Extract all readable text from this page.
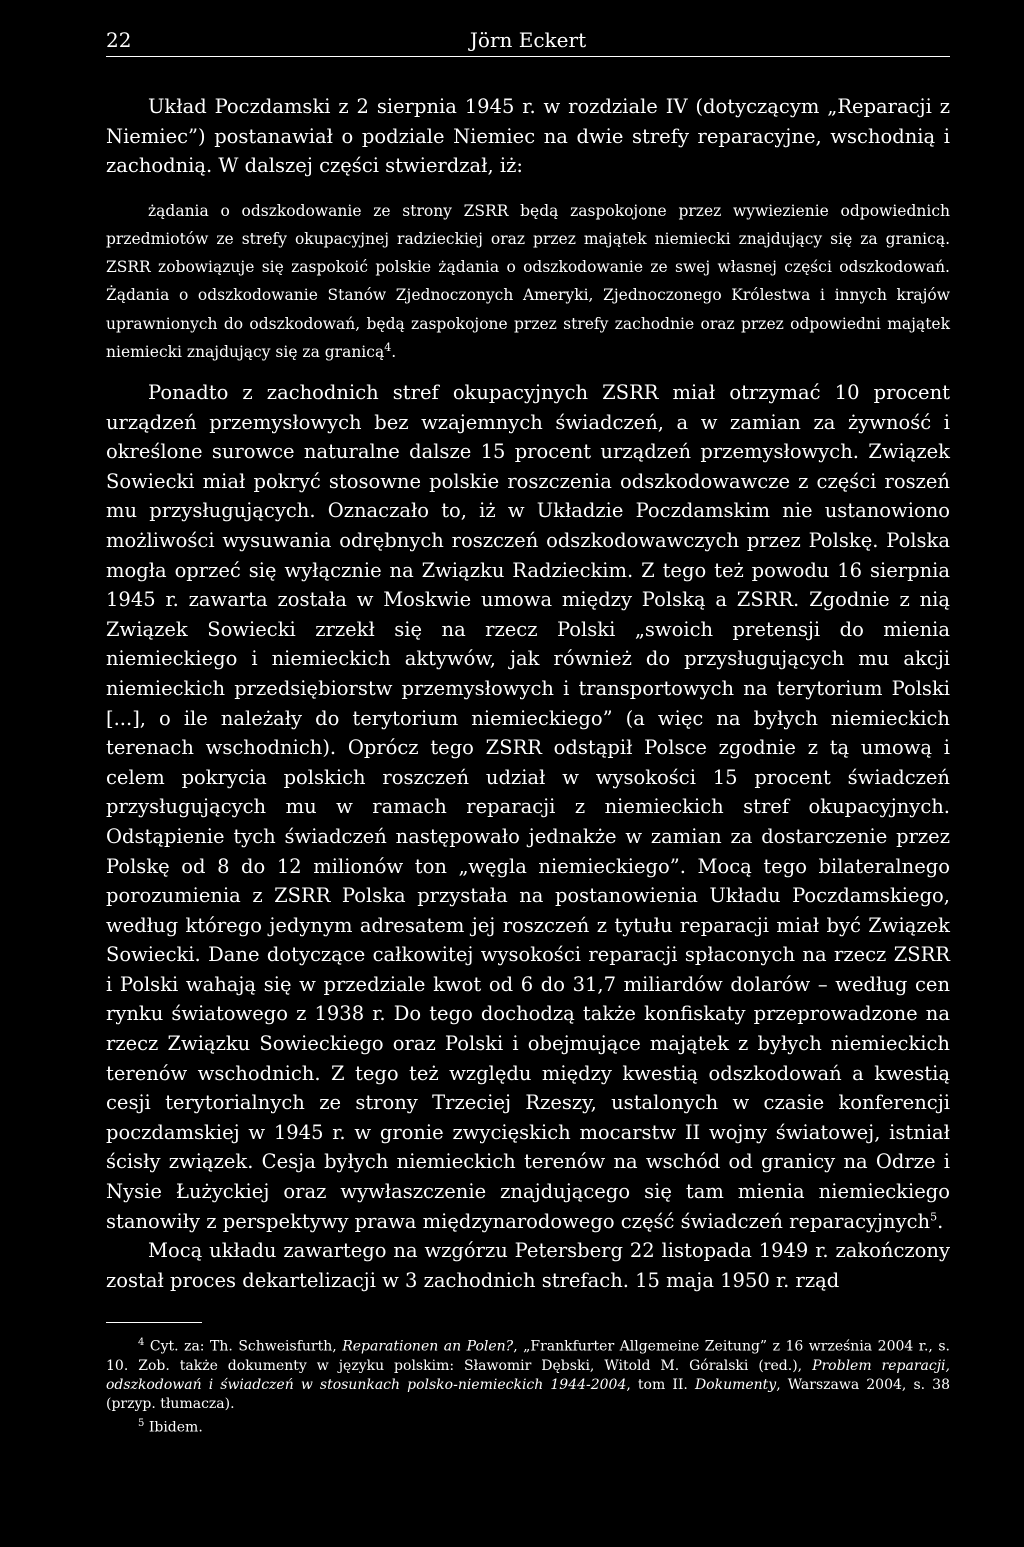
22	Jörn Eckert

Układ Poczdamski z 2 sierpnia 1945 r. w rozdziale IV (dotyczącym „Reparacji z Niemiec”) postanawiał o podziale Niemiec na dwie strefy reparacyjne, wschodnią i zachodnią. W dalszej części stwierdzał, iż:

żądania o odszkodowanie ze strony ZSRR będą zaspokojone przez wywiezienie odpowiednich przedmiotów ze strefy okupacyjnej radzieckiej oraz przez majątek niemiecki znajdujący się za granicą. ZSRR zobowiązuje się zaspokoić polskie żądania o odszkodowanie ze swej własnej części odszkodowań. Żądania o odszkodowanie Stanów Zjednoczonych Ameryki, Zjednoczonego Królestwa i innych krajów uprawnionych do odszkodowań, będą zaspokojone przez strefy zachodnie oraz przez odpowiedni majątek niemiecki znajdujący się za granicą$^4$.

Ponadto z zachodnich stref okupacyjnych ZSRR miał otrzymać 10 procent urządzeń przemysłowych bez wzajemnych świadczeń, a w zamian za żywność i określone surowce naturalne dalsze 15 procent urządzeń przemysłowych. Związek Sowiecki miał pokryć stosowne polskie roszczenia odszkodowawcze z części roszeń mu przysługujących. Oznaczało to, iż w Układzie Poczdamskim nie ustanowiono możliwości wysuwania odrębnych roszczeń odszkodowawczych przez Polskę. Polska mogła oprzeć się wyłącznie na Związku Radzieckim. Z tego też powodu 16 sierpnia 1945 r. zawarta została w Moskwie umowa między Polską a ZSRR. Zgodnie z nią Związek Sowiecki zrzekł się na rzecz Polski „swoich pretensji do mienia niemieckiego i niemieckich aktywów, jak również do przysługujących mu akcji niemieckich przedsiębiorstw przemysłowych i transportowych na terytorium Polski [...], o ile należały do terytorium niemieckiego” (a więc na byłych niemieckich terenach wschodnich). Oprócz tego ZSRR odstąpił Polsce zgodnie z tą umową i celem pokrycia polskich roszczeń udział w wysokości 15 procent świadczeń przysługujących mu w ramach reparacji z niemieckich stref okupacyjnych. Odstąpienie tych świadczeń następowało jednakże w zamian za dostarczenie przez Polskę od 8 do 12 milionów ton „węgla niemieckiego”. Mocą tego bilateralnego porozumienia z ZSRR Polska przystała na postanowienia Układu Poczdamskiego, według którego jedynym adresatem jej roszczeń z tytułu reparacji miał być Związek Sowiecki. Dane dotyczące całkowitej wysokości reparacji spłaconych na rzecz ZSRR i Polski wahają się w przedziale kwot od 6 do 31,7 miliardów dolarów – według cen rynku światowego z 1938 r. Do tego dochodzą także konfiskaty przeprowadzone na rzecz Związku Sowieckiego oraz Polski i obejmujące majątek z byłych niemieckich terenów wschodnich. Z tego też względu między kwestią odszkodowań a kwestią cesji terytorialnych ze strony Trzeciej Rzeszy, ustalonych w czasie konferencji poczdamskiej w 1945 r. w gronie zwycięskich mocarstw II wojny światowej, istniał ścisły związek. Cesja byłych niemieckich terenów na wschód od granicy na Odrze i Nysie Łużyckiej oraz wywłaszczenie znajdującego się tam mienia niemieckiego stanowiły z perspektywy prawa międzynarodowego część świadczeń reparacyjnych$^5$.

Mocą układu zawartego na wzgórzu Petersberg 22 listopada 1949 r. zakończony został proces dekartelizacji w 3 zachodnich strefach. 15 maja 1950 r. rząd

$^4$ Cyt. za: Th. Schweisfurth, Reparationen an Polen?, „Frankfurter Allgemeine Zeitung” z 16 września 2004 r., s. 10. Zob. także dokumenty w języku polskim: Sławomir Dębski, Witold M. Góralski (red.), Problem reparacji, odszkodowań i świadczeń w stosunkach polsko-niemieckich 1944-2004, tom II. Dokumenty, Warszawa 2004, s. 38 (przyp. tłumacza).

$^5$ Ibidem.
